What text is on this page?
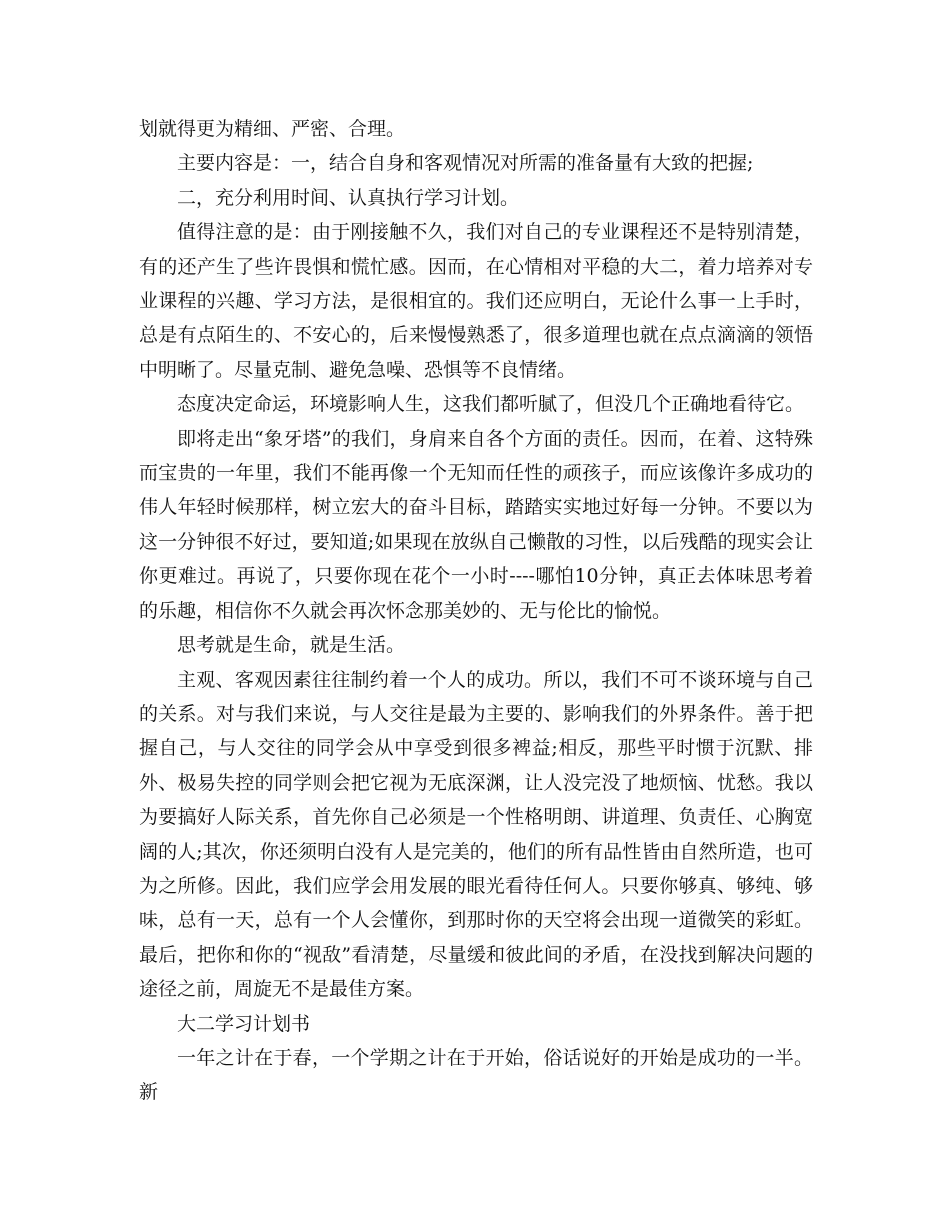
划就得更为精细、严密、合理。

主要内容是：一，结合自身和客观情况对所需的准备量有大致的把握;

二，充分利用时间、认真执行学习计划。

值得注意的是：由于刚接触不久，我们对自己的专业课程还不是特别清楚，有的还产生了些许畏惧和慌忙感。因而，在心情相对平稳的大二，着力培养对专业课程的兴趣、学习方法，是很相宜的。我们还应明白，无论什么事一上手时，总是有点陌生的、不安心的，后来慢慢熟悉了，很多道理也就在点点滴滴的领悟中明晰了。尽量克制、避免急噪、恐惧等不良情绪。

态度决定命运，环境影响人生，这我们都听腻了，但没几个正确地看待它。

即将走出“象牙塔”的我们，身肩来自各个方面的责任。因而，在着、这特殊而宝贵的一年里，我们不能再像一个无知而任性的顽孩子，而应该像许多成功的伟人年轻时候那样，树立宏大的奋斗目标，踏踏实实地过好每一分钟。不要以为这一分钟很不好过，要知道;如果现在放纵自己懒散的习性，以后残酷的现实会让你更难过。再说了，只要你现在花个一小时----哪怕10分钟，真正去体味思考着的乐趣，相信你不久就会再次怀念那美妙的、无与伦比的愉悦。

思考就是生命，就是生活。

主观、客观因素往往制约着一个人的成功。所以，我们不可不谈环境与自己的关系。对与我们来说，与人交往是最为主要的、影响我们的外界条件。善于把握自己，与人交往的同学会从中享受到很多裨益;相反，那些平时惯于沉默、排外、极易失控的同学则会把它视为无底深渊，让人没完没了地烦恼、忧愁。我以为要搞好人际关系，首先你自己必须是一个性格明朗、讲道理、负责任、心胸宽阔的人;其次，你还须明白没有人是完美的，他们的所有品性皆由自然所造，也可为之所修。因此，我们应学会用发展的眼光看待任何人。只要你够真、够纯、够味，总有一天，总有一个人会懂你，到那时你的天空将会出现一道微笑的彩虹。最后，把你和你的“视敌”看清楚，尽量缓和彼此间的矛盾，在没找到解决问题的途径之前，周旋无不是最佳方案。

大二学习计划书

一年之计在于春，一个学期之计在于开始，俗话说好的开始是成功的一半。新
